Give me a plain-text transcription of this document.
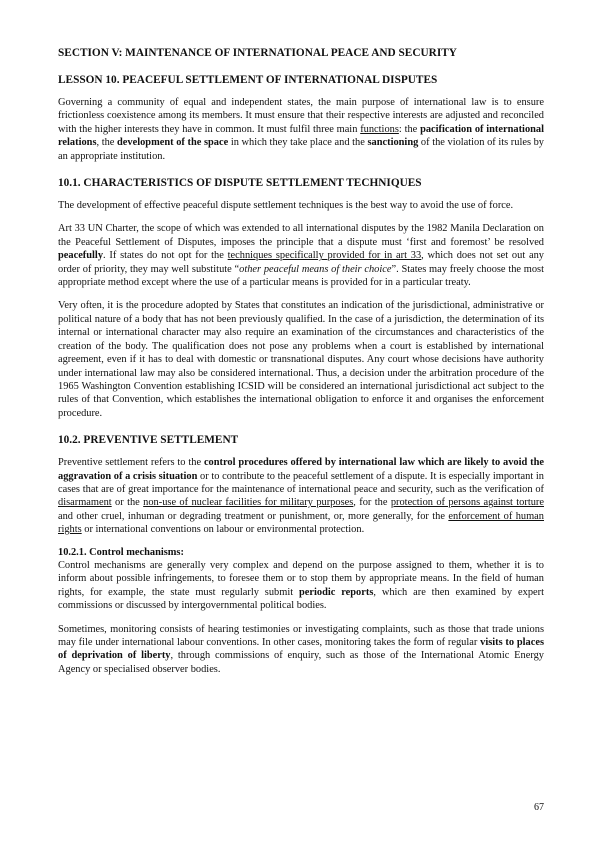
SECTION V: MAINTENANCE OF INTERNATIONAL PEACE AND SECURITY
LESSON 10. PEACEFUL SETTLEMENT OF INTERNATIONAL DISPUTES

Governing a community of equal and independent states, the main purpose of international law is to ensure frictionless coexistence among its members. It must ensure that their respective interests are adjusted and reconciled with the higher interests they have in common. It must fulfil three main functions: the pacification of international relations, the development of the space in which they take place and the sanctioning of the violation of its rules by an appropriate institution.

10.1. CHARACTERISTICS OF DISPUTE SETTLEMENT TECHNIQUES

The development of effective peaceful dispute settlement techniques is the best way to avoid the use of force.

Art 33 UN Charter, the scope of which was extended to all international disputes by the 1982 Manila Declaration on the Peaceful Settlement of Disputes, imposes the principle that a dispute must ‘first and foremost’ be resolved peacefully. If states do not opt for the techniques specifically provided for in art 33, which does not set out any order of priority, they may well substitute “other peaceful means of their choice”. States may freely choose the most appropriate method except where the use of a particular means is provided for in a particular treaty.

Very often, it is the procedure adopted by States that constitutes an indication of the jurisdictional, administrative or political nature of a body that has not been previously qualified. In the case of a jurisdiction, the determination of its internal or international character may also require an examination of the circumstances and characteristics of the creation of the body. The qualification does not pose any problems when a court is established by international agreement, even if it has to deal with domestic or transnational disputes. Any court whose decisions have authority under international law may also be considered international. Thus, a decision under the arbitration procedure of the 1965 Washington Convention establishing ICSID will be considered an international jurisdictional act subject to the rules of that Convention, which establishes the international obligation to enforce it and organises the enforcement procedure.

10.2. PREVENTIVE SETTLEMENT

Preventive settlement refers to the control procedures offered by international law which are likely to avoid the aggravation of a crisis situation or to contribute to the peaceful settlement of a dispute. It is especially important in cases that are of great importance for the maintenance of international peace and security, such as the verification of disarmament or the non-use of nuclear facilities for military purposes, for the protection of persons against torture and other cruel, inhuman or degrading treatment or punishment, or, more generally, for the enforcement of human rights or international conventions on labour or environmental protection.

10.2.1. Control mechanisms:

Control mechanisms are generally very complex and depend on the purpose assigned to them, whether it is to inform about possible infringements, to foresee them or to stop them by appropriate means. In the field of human rights, for example, the state must regularly submit periodic reports, which are then examined by expert commissions or discussed by intergovernmental political bodies.

Sometimes, monitoring consists of hearing testimonies or investigating complaints, such as those that trade unions may file under international labour conventions. In other cases, monitoring takes the form of regular visits to places of deprivation of liberty, through commissions of enquiry, such as those of the International Atomic Energy Agency or specialised observer bodies.

67
